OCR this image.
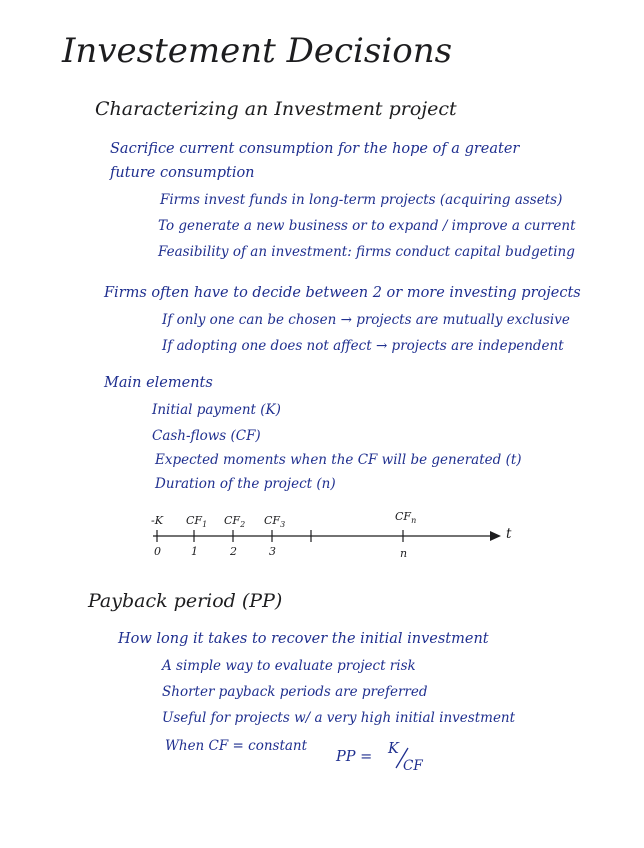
Investement Decisions
Characterizing an Investment project
Sacrifice current consumption for the hope of a greater
future consumption
Firms invest funds in long-term projects (acquiring assets)
To generate a new business or to expand / improve a current
Feasibility of an investment: firms conduct capital budgeting
Firms often have to decide between 2 or more investing projects
If only one can be chosen → projects are mutually exclusive
If adopting one does not affect → projects are independent
Main elements
Initial payment (K)
Cash-flows (CF)
Expected moments when the CF will be generated (t)
Duration of the project (n)
-K $CF_1$ $CF_2$ $CF_3$
$CF_n$
0	1	2	3	n
t
Payback period (PP)
How long it takes to recover the initial investment
A simple way to evaluate project risk
Shorter payback periods are preferred
Useful for projects w/ a very high initial investment
When CF = constant
PP = K
CF
